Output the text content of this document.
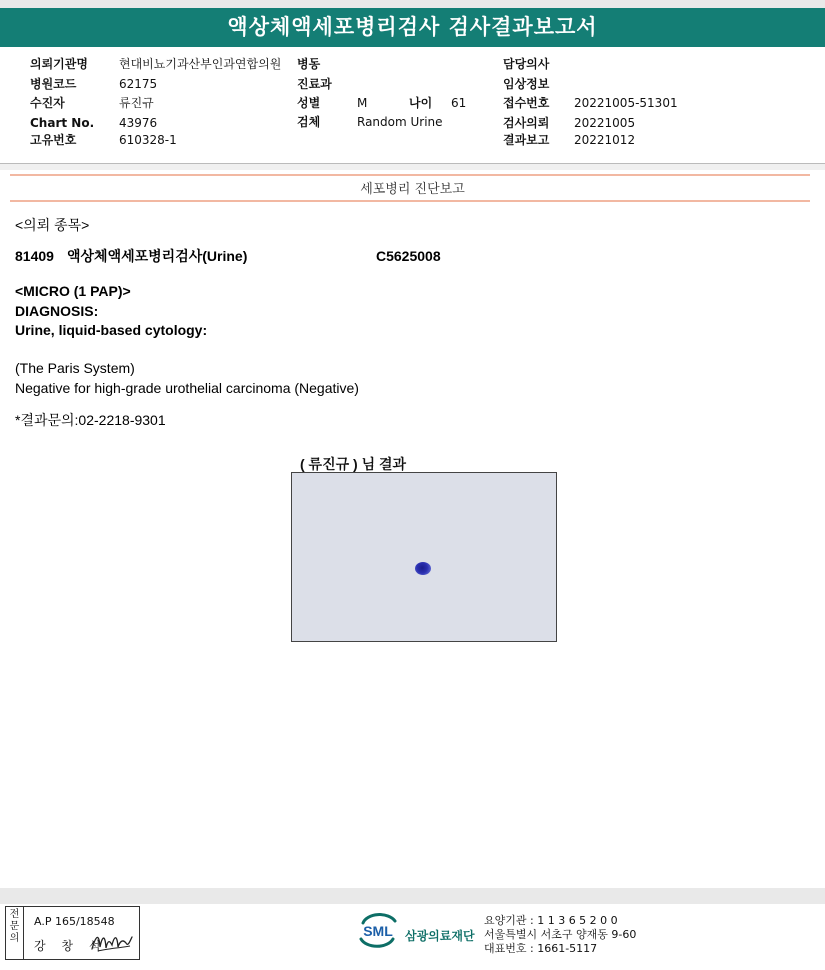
액상체액세포병리검사 검사결과보고서
의뢰기관명	현대비뇨기과산부인과연합의원
병원코드	62175
수진자	류진규
Chart No. 43976
고유번호	610328-1
병동
진료과
성별	M	나이 61
검체	Random Urine
담당의사
임상정보
접수번호 20221005-51301
검사의뢰 20221005
결과보고 20221012
세포병리 진단보고
<의뢰 종목>
81409 액상체액세포병리검사(Urine)	C5625008
<MICRO (1 PAP)>
DIAGNOSIS:
Urine, liquid-based cytology:
(The Paris System)
Negative for high-grade urothelial carcinoma (Negative)
*결과문의:02-2218-9301
( 류진규 ) 님 결과
전
문
의
A.P 165/18548
강 창 석
SML 삼광의료재단
요양기관 : 1 1 3 6 5 2 0 0
서울특별시 서초구 양재동 9-60
대표번호 : 1661-5117
